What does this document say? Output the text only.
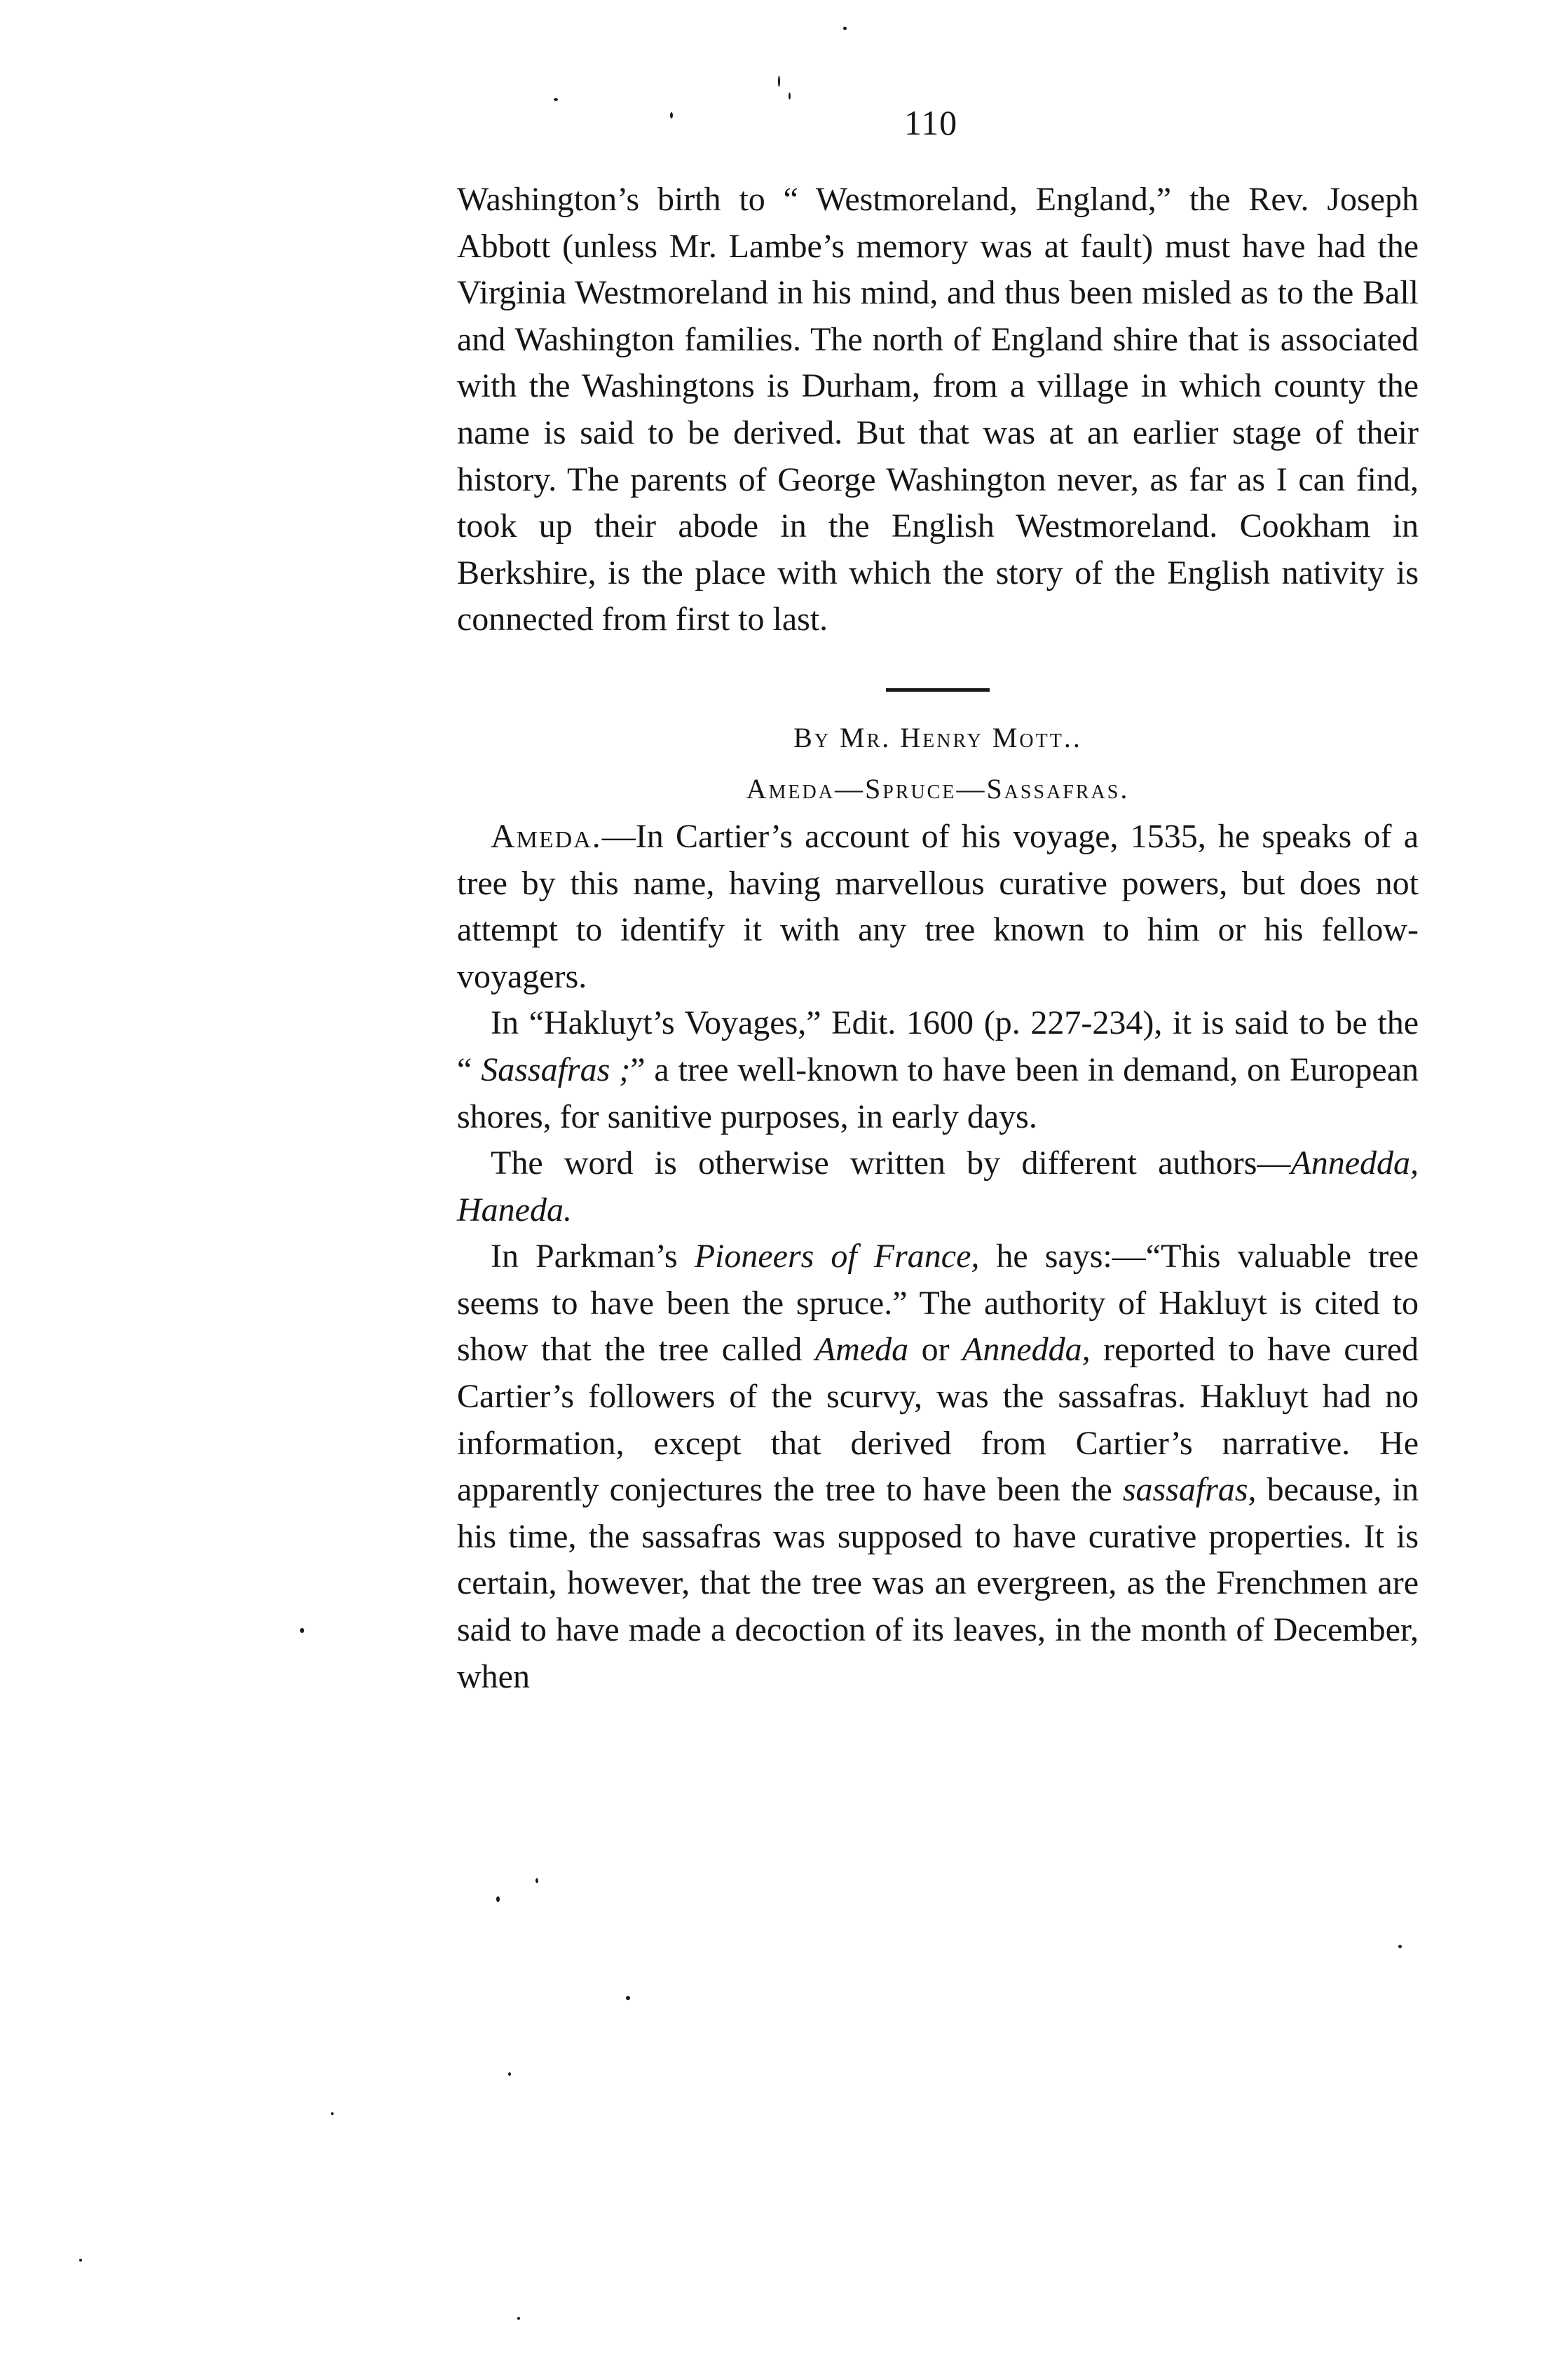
110

Washington’s birth to “ Westmoreland, England,” the Rev. Joseph Abbott (unless Mr. Lambe’s memory was at fault) must have had the Virginia Westmoreland in his mind, and thus been misled as to the Ball and Washington families. The north of England shire that is associated with the Washingtons is Durham, from a village in which county the name is said to be derived. But that was at an earlier stage of their history. The parents of George Washington never, as far as I can find, took up their abode in the English Westmoreland. Cookham in Berkshire, is the place with which the story of the English nativity is connected from first to last.

By Mr. Henry Mott..

Ameda—Spruce—Sassafras.

Ameda.—In Cartier’s account of his voyage, 1535, he speaks of a tree by this name, having marvellous curative powers, but does not attempt to identify it with any tree known to him or his fellow-voyagers.

In “Hakluyt’s Voyages,” Edit. 1600 (p. 227-234), it is said to be the “ Sassafras ;” a tree well-known to have been in demand, on European shores, for sanitive purposes, in early days.

The word is otherwise written by different authors—Annedda, Haneda.

In Parkman’s Pioneers of France, he says:—“This valuable tree seems to have been the spruce.” The authority of Hakluyt is cited to show that the tree called Ameda or Annedda, reported to have cured Cartier’s followers of the scurvy, was the sassafras. Hakluyt had no information, except that derived from Cartier’s narrative. He apparently conjectures the tree to have been the sassafras, because, in his time, the sassafras was supposed to have curative properties. It is certain, however, that the tree was an evergreen, as the Frenchmen are said to have made a decoction of its leaves, in the month of December, when
